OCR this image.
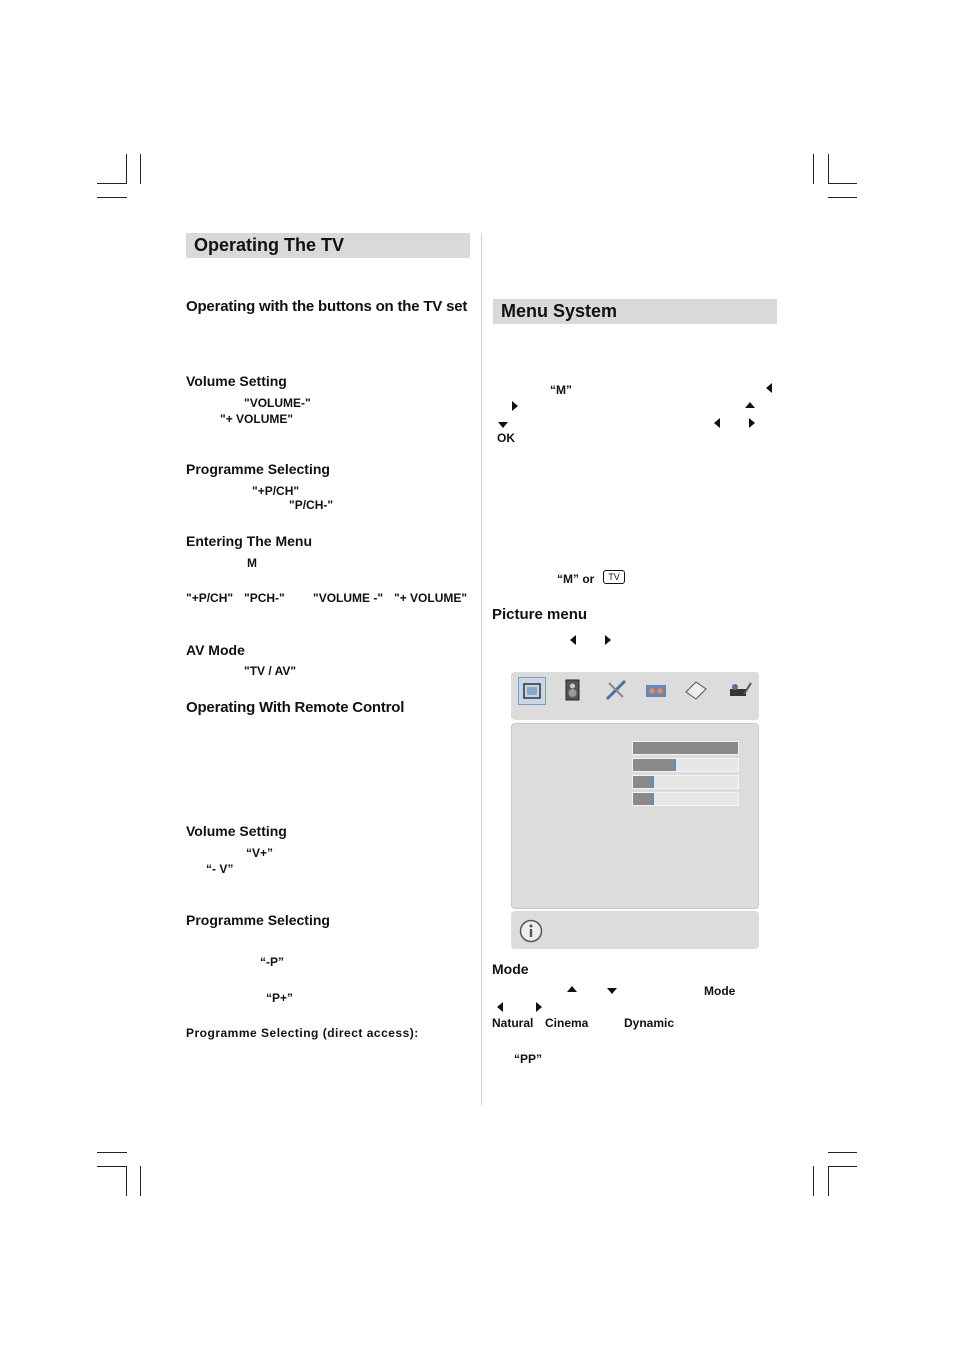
Operating The TV
Operating with the buttons on the TV set
Volume Setting
"VOLUME-"
"+ VOLUME"
Programme Selecting
"+P/CH"
"P/CH-"
Entering The Menu
M
"+P/CH" "PCH-" "VOLUME -" "+ VOLUME"
AV Mode
"TV / AV"
Operating With Remote Control
Volume Setting
“V+”
“- V”
Programme Selecting
“-P”
“P+”
Programme Selecting (direct access):
Menu System
“M”
OK
“M” or	TV
Picture menu
Mode
Mode
Natural Cinema	Dynamic
“PP”
